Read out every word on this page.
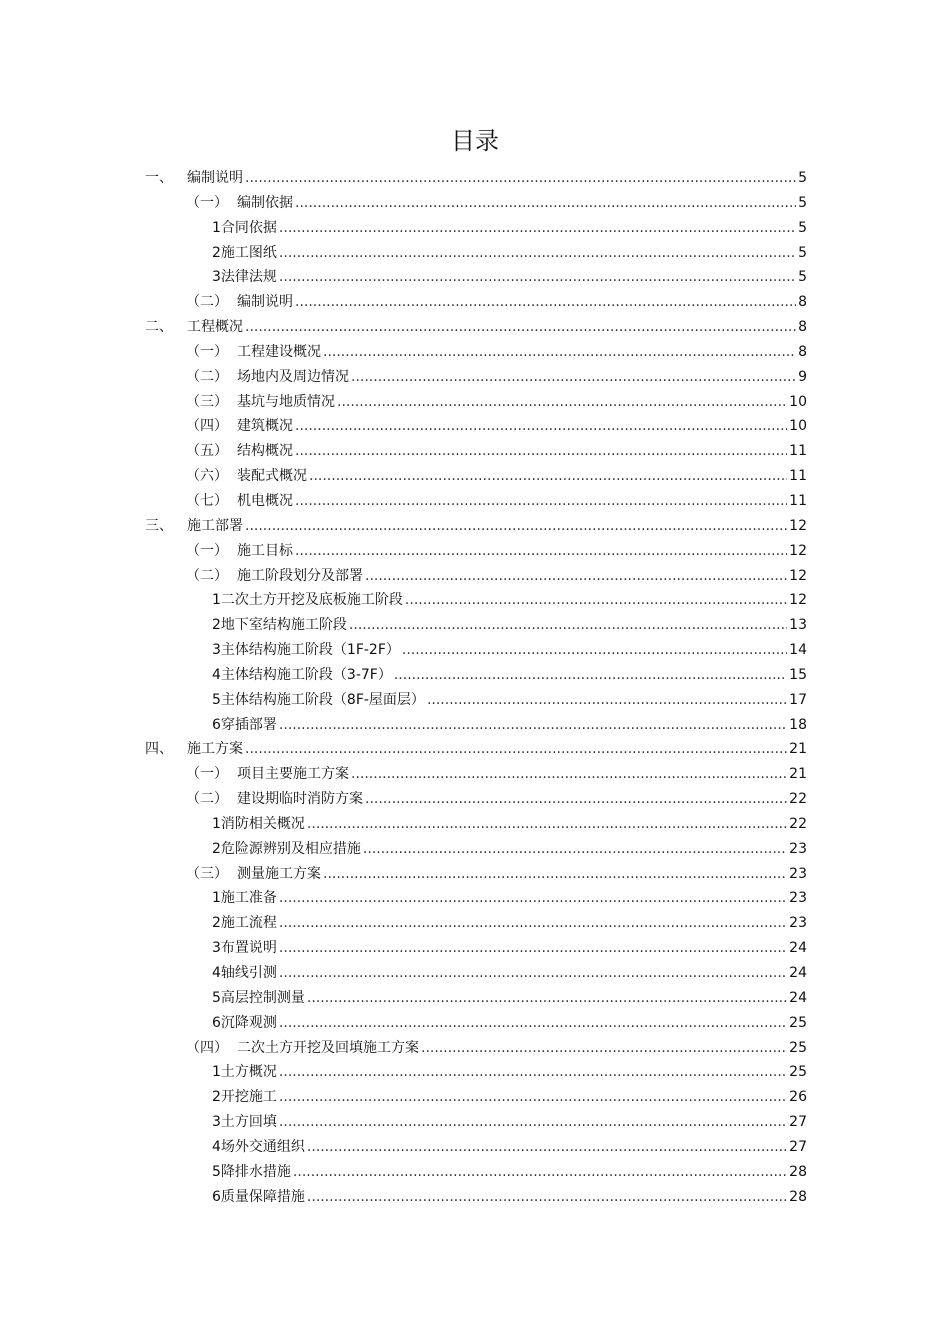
目录
一、	编制说明 .....	5
（一） 编制依据 .....	5
1 合同依据 .....	5
2 施工图纸 .....	5
3 法律法规 .....	5
（二） 编制说明 .....	8
二、	工程概况 .....	8
（一） 工程建设概况 .....	8
（二） 场地内及周边情况 .....	9
（三） 基坑与地质情况 .....	10
（四） 建筑概况 .....	10
（五） 结构概况 .....	11
（六） 装配式概况 .....	11
（七） 机电概况 .....	11
三、	施工部署 .....	12
（一） 施工目标 .....	12
（二） 施工阶段划分及部署 .....	12
1 二次土方开挖及底板施工阶段 .....	12
2 地下室结构施工阶段 .....	13
3 主体结构施工阶段（1F-2F） .....	14
4 主体结构施工阶段（3-7F） .....	15
5 主体结构施工阶段（8F-屋面层） .....	17
6 穿插部署 .....	18
四、	施工方案 .....	21
（一） 项目主要施工方案 .....	21
（二） 建设期临时消防方案 .....	22
1 消防相关概况 .....	22
2 危险源辨别及相应措施 .....	23
（三） 测量施工方案 .....	23
1 施工准备 .....	23
2 施工流程 .....	23
3 布置说明 .....	24
4 轴线引测 .....	24
5 高层控制测量 .....	24
6 沉降观测 .....	25
（四） 二次土方开挖及回填施工方案 .....	25
1 土方概况 .....	25
2 开挖施工 .....	26
3 土方回填 .....	27
4 场外交通组织 .....	27
5 降排水措施 .....	28
6 质量保障措施 .....	28
